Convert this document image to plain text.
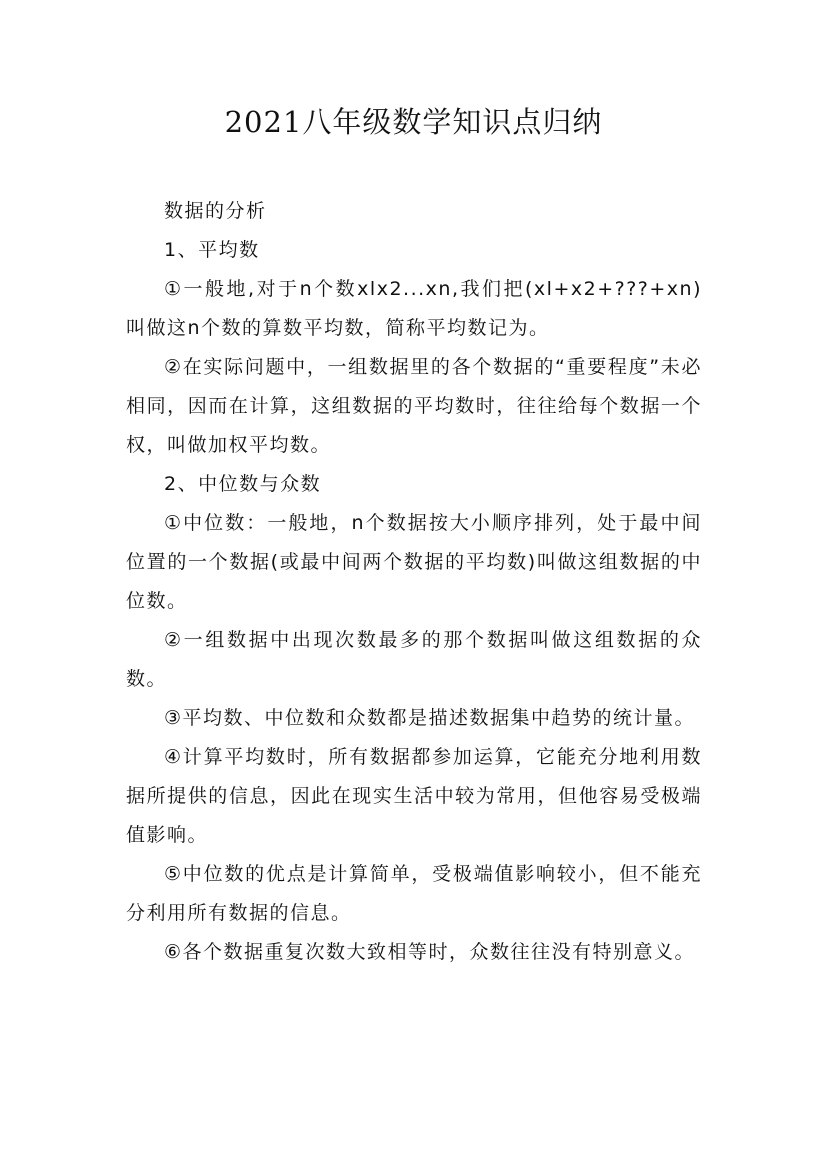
2021八年级数学知识点归纳

数据的分析

1、平均数

①一般地,对于n个数xlx2...xn,我们把(xl+x2+???+xn)叫做这n个数的算数平均数，简称平均数记为。

②在实际问题中，一组数据里的各个数据的“重要程度”未必相同，因而在计算，这组数据的平均数时，往往给每个数据一个权，叫做加权平均数。

2、中位数与众数

①中位数：一般地，n个数据按大小顺序排列，处于最中间位置的一个数据(或最中间两个数据的平均数)叫做这组数据的中位数。

②一组数据中出现次数最多的那个数据叫做这组数据的众数。

③平均数、中位数和众数都是描述数据集中趋势的统计量。

④计算平均数时，所有数据都参加运算，它能充分地利用数据所提供的信息，因此在现实生活中较为常用，但他容易受极端值影响。

⑤中位数的优点是计算简单，受极端值影响较小，但不能充分利用所有数据的信息。

⑥各个数据重复次数大致相等时，众数往往没有特别意义。
